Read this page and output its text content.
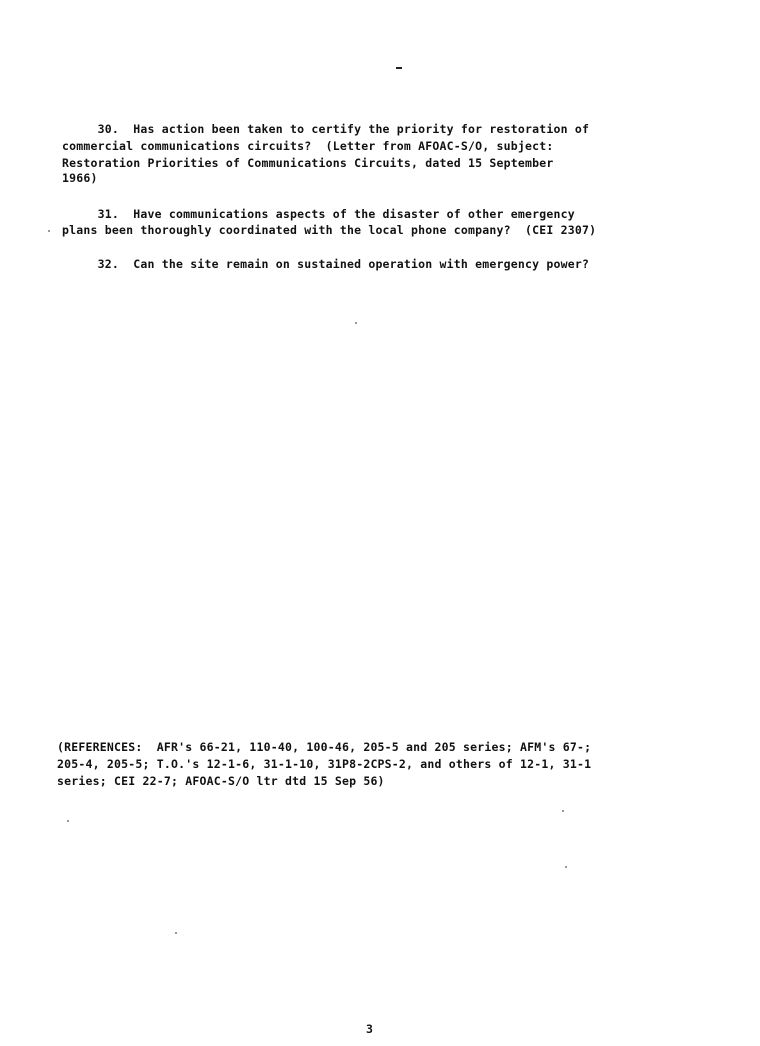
30.  Has action been taken to certify the priority for restoration of
commercial communications circuits?  (Letter from AFOAC-S/O, subject:
Restoration Priorities of Communications Circuits, dated 15 September
1966)
31.  Have communications aspects of the disaster of other emergency
plans been thoroughly coordinated with the local phone company?  (CEI 2307)
32.  Can the site remain on sustained operation with emergency power?
(REFERENCES:  AFR's 66-21, 110-40, 100-46, 205-5 and 205 series; AFM's 67-;
205-4, 205-5; T.O.'s 12-1-6, 31-1-10, 31P8-2CPS-2, and others of 12-1, 31-1
series; CEI 22-7; AFOAC-S/O ltr dtd 15 Sep 56)
3
